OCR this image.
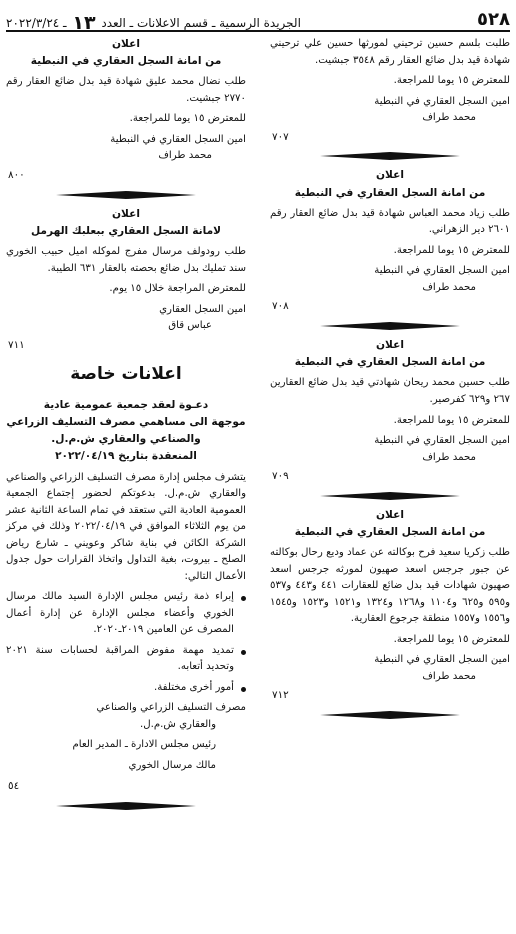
٥٢٨
الجريدة الرسمية ـ قسم الاعلانات ـ العدد ١٣ ـ ٢٠٢٢/٣/٢٤

طلبت بلسم حسين ترحيني لمورثها حسين علي ترحيني شهادة قيد بدل ضائع العقار رقم ٣٥٤٨ جبشيت.

للمعترض ١٥ يوما للمراجعة.

امين السجل العقاري في النبطية

محمد طراف

٧٠٧

اعلان

من امانة السجل العقاري في النبطية

طلب زياد محمد العباس شهادة قيد بدل ضائع العقار رقم ٢٦٠١ دير الزهراني.

للمعترض ١٥ يوما للمراجعة.

امين السجل العقاري في النبطية

محمد طراف

٧٠٨

اعلان

من امانة السجل العقاري في النبطية

طلب حسين محمد ريحان شهادتي قيد بدل ضائع العقارين ٢٦٧ و٦٢٩ كفرصير.

للمعترض ١٥ يوما للمراجعة.

امين السجل العقاري في النبطية

محمد طراف

٧٠٩

اعلان

من امانة السجل العقاري في النبطية

طلب زكريا سعيد فرح بوكالته عن عماد وديع رحال بوكالته عن جبور جرجس اسعد صهيون لمورثه جرجس اسعد صهيون شهادات قيد بدل ضائع للعقارات ٤٤١ و٤٤٣ و٥٣٧ و٥٩٥ و٦٢٥ و١١٠٤ و١٢٦٨ و١٣٢٤ و١٥٢١ و١٥٢٣ و١٥٤٥ و١٥٥٦ و١٥٥٧ منطقة جرجوع العقارية.

للمعترض ١٥ يوما للمراجعة.

امين السجل العقاري في النبطية

محمد طراف

٧١٢

اعلان

من امانة السجل العقاري في النبطية

طلب نضال محمد عليق شهادة قيد بدل ضائع العقار رقم ٢٧٧٠ جبشيت.

للمعترض ١٥ يوما للمراجعة.

امين السجل العقاري في النبطية

محمد طراف

٨٠٠

اعلان

لامانة السجل العقاري ببعلبك الهرمل

طلب رودولف مرسال مفرج لموكله اميل حبيب الخوري سند تمليك بدل ضائع بحصته بالعقار ٦٣١ الطيبة.

للمعترض المراجعة خلال ١٥ يوم.

امين السجل العقاري

عباس قاق

٧١١

اعلانات خاصة

دعـوة لعقد جمعية عمومية عادية

موجهة الى مساهمي مصرف التسليف الزراعي والصناعي والعقاري ش.م.ل.

المنعقدة بتاريخ ٢٠٢٢/٠٤/١٩

يتشرف مجلس إدارة مصرف التسليف الزراعي والصناعي والعقاري ش.م.ل. بدعوتكم لحضور إجتماع الجمعية العمومية العادية التي ستعقد في تمام الساعة الثانية عشر من يوم الثلاثاء الموافق في ٢٠٢٢/٠٤/١٩ وذلك في مركز الشركة الكائن في بناية شاكر وعويني ـ شارع رياض الصلح ـ بيروت، بغية التداول واتخاذ القرارات حول جدول الأعمال التالي:

إبراء ذمة رئيس مجلس الإدارة السيد مالك مرسال الخوري وأعضاء مجلس الإدارة عن إدارة أعمال المصرف عن العامين ٢٠١٩ـ٢٠٢٠.

تمديد مهمة مفوض المراقبة لحسابات سنة ٢٠٢١ وتحديد أتعابه.

أمور أخرى مختلفة.

مصرف التسليف الزراعي والصناعي

والعقاري ش.م.ل.

رئيس مجلس الادارة ـ المدير العام

مالك مرسال الخوري

٥٤
